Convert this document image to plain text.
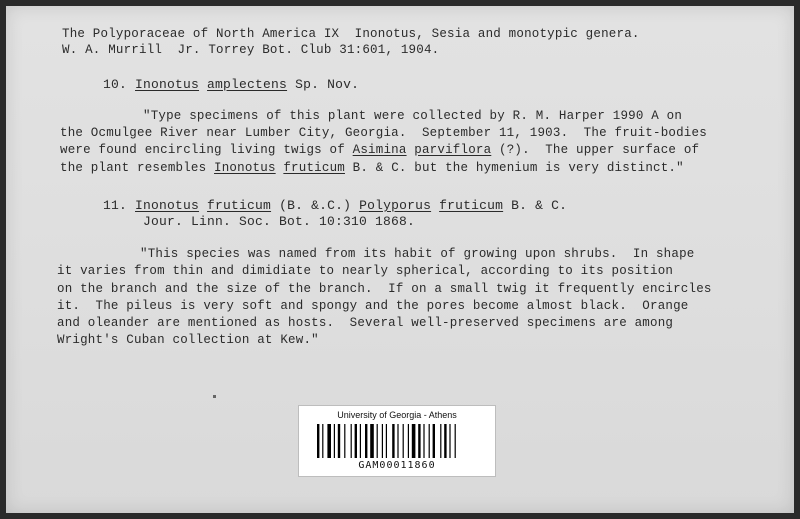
The Polyporaceae of North America IX  Inonotus, Sesia and monotypic genera.
W. A. Murrill  Jr. Torrey Bot. Club 31:601, 1904.
10. Inonotus amplectens Sp. Nov.
"Type specimens of this plant were collected by R. M. Harper 1990 A on
the Ocmulgee River near Lumber City, Georgia.  September 11, 1903.  The fruit-bodies
were found encircling living twigs of Asimina parviflora (?).  The upper surface of
the plant resembles Inonotus fruticum B. & C. but the hymenium is very distinct."
11. Inonotus fruticum (B. &.C.) Polyporus fruticum B. & C.
Jour. Linn. Soc. Bot. 10:310 1868.
"This species was named from its habit of growing upon shrubs.  In shape
it varies from thin and dimidiate to nearly spherical, according to its position
on the branch and the size of the branch.  If on a small twig it frequently encircles
it.  The pileus is very soft and spongy and the pores become almost black.  Orange
and oleander are mentioned as hosts.  Several well-preserved specimens are among
Wright's Cuban collection at Kew."
University of Georgia - Athens
GAM00011860
